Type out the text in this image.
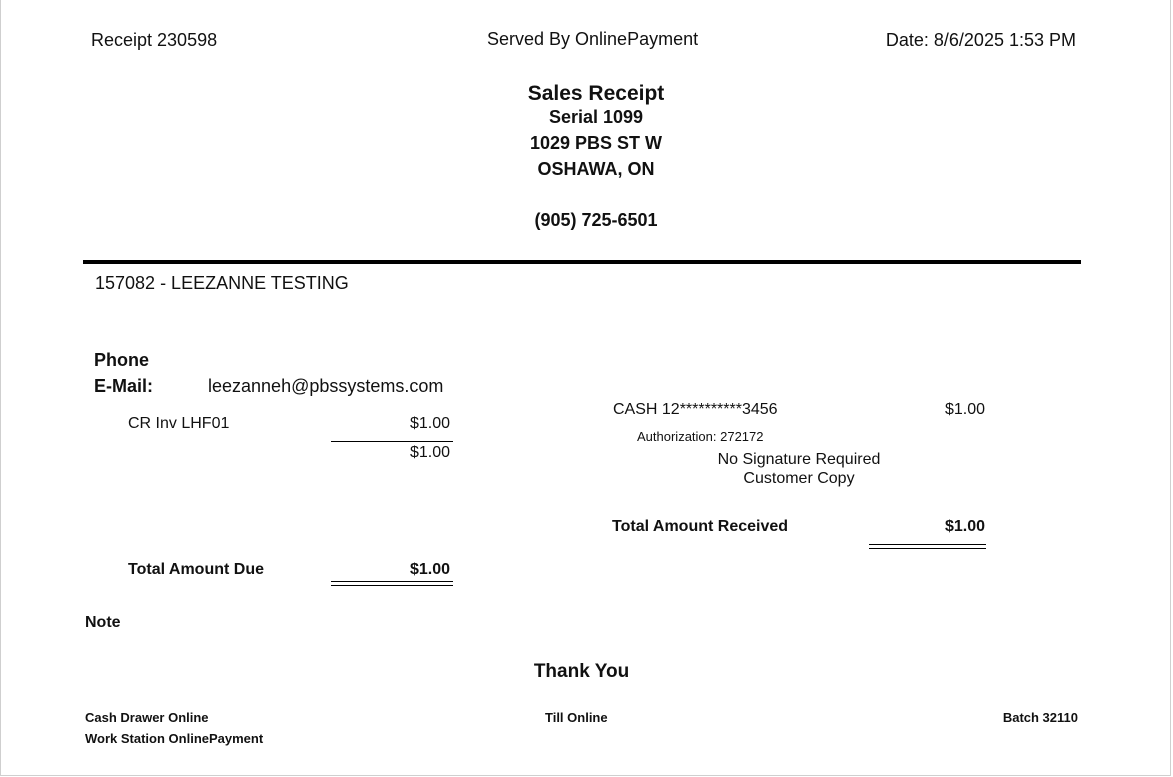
Receipt 230598	Served By OnlinePayment	Date: 8/6/2025 1:53 PM
Sales Receipt
Serial 1099
1029 PBS ST W
OSHAWA, ON
(905) 725-6501
157082 - LEEZANNE TESTING
Phone
E-Mail:	leezanneh@pbssystems.com
CR Inv LHF01	$1.00
$1.00
Total Amount Due	$1.00
CASH 12**********3456	$1.00
Authorization: 272172
No Signature Required
Customer Copy
Total Amount Received	$1.00
Note
Thank You
Cash Drawer Online	Till Online	Batch 32110
Work Station OnlinePayment
